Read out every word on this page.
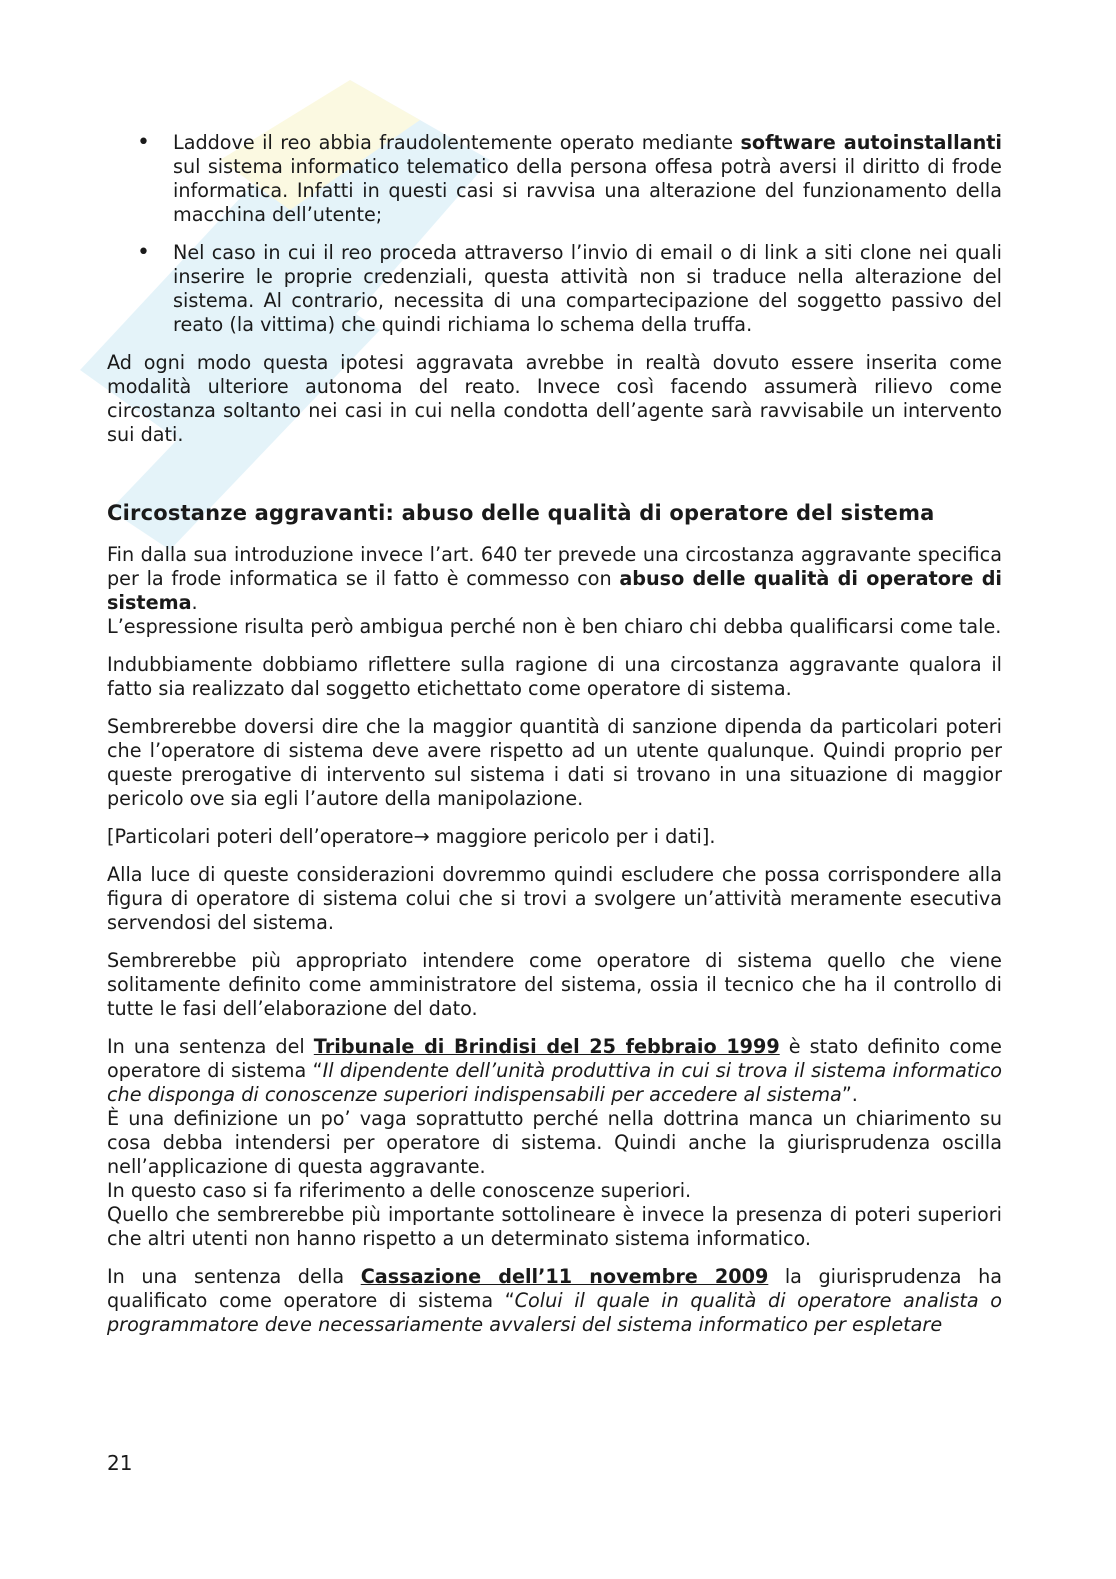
• Laddove il reo abbia fraudolentemente operato mediante software autoinstallanti sul sistema informatico telematico della persona offesa potrà aversi il diritto di frode informatica. Infatti in questi casi si ravvisa una alterazione del funzionamento della macchina dell’utente;
• Nel caso in cui il reo proceda attraverso l’invio di email o di link a siti clone nei quali inserire le proprie credenziali, questa attività non si traduce nella alterazione del sistema. Al contrario, necessita di una compartecipazione del soggetto passivo del reato (la vittima) che quindi richiama lo schema della truffa.

Ad ogni modo questa ipotesi aggravata avrebbe in realtà dovuto essere inserita come modalità ulteriore autonoma del reato. Invece così facendo assumerà rilievo come circostanza soltanto nei casi in cui nella condotta dell’agente sarà ravvisabile un intervento sui dati.

Circostanze aggravanti: abuso delle qualità di operatore del sistema

Fin dalla sua introduzione invece l’art. 640 ter prevede una circostanza aggravante specifica per la frode informatica se il fatto è commesso con abuso delle qualità di operatore di sistema.
L’espressione risulta però ambigua perché non è ben chiaro chi debba qualificarsi come tale.

Indubbiamente dobbiamo riflettere sulla ragione di una circostanza aggravante qualora il fatto sia realizzato dal soggetto etichettato come operatore di sistema.

Sembrerebbe doversi dire che la maggior quantità di sanzione dipenda da particolari poteri che l’operatore di sistema deve avere rispetto ad un utente qualunque. Quindi proprio per queste prerogative di intervento sul sistema i dati si trovano in una situazione di maggior pericolo ove sia egli l’autore della manipolazione.

[Particolari poteri dell’operatore→ maggiore pericolo per i dati].

Alla luce di queste considerazioni dovremmo quindi escludere che possa corrispondere alla figura di operatore di sistema colui che si trovi a svolgere un’attività meramente esecutiva servendosi del sistema.

Sembrerebbe più appropriato intendere come operatore di sistema quello che viene solitamente definito come amministratore del sistema, ossia il tecnico che ha il controllo di tutte le fasi dell’elaborazione del dato.

In una sentenza del Tribunale di Brindisi del 25 febbraio 1999 è stato definito come operatore di sistema “Il dipendente dell’unità produttiva in cui si trova il sistema informatico che disponga di conoscenze superiori indispensabili per accedere al sistema”.
È una definizione un po’ vaga soprattutto perché nella dottrina manca un chiarimento su cosa debba intendersi per operatore di sistema. Quindi anche la giurisprudenza oscilla nell’applicazione di questa aggravante.
In questo caso si fa riferimento a delle conoscenze superiori.
Quello che sembrerebbe più importante sottolineare è invece la presenza di poteri superiori che altri utenti non hanno rispetto a un determinato sistema informatico.

In una sentenza della Cassazione dell’11 novembre 2009 la giurisprudenza ha qualificato come operatore di sistema “Colui il quale in qualità di operatore analista o programmatore deve necessariamente avvalersi del sistema informatico per espletare

21
